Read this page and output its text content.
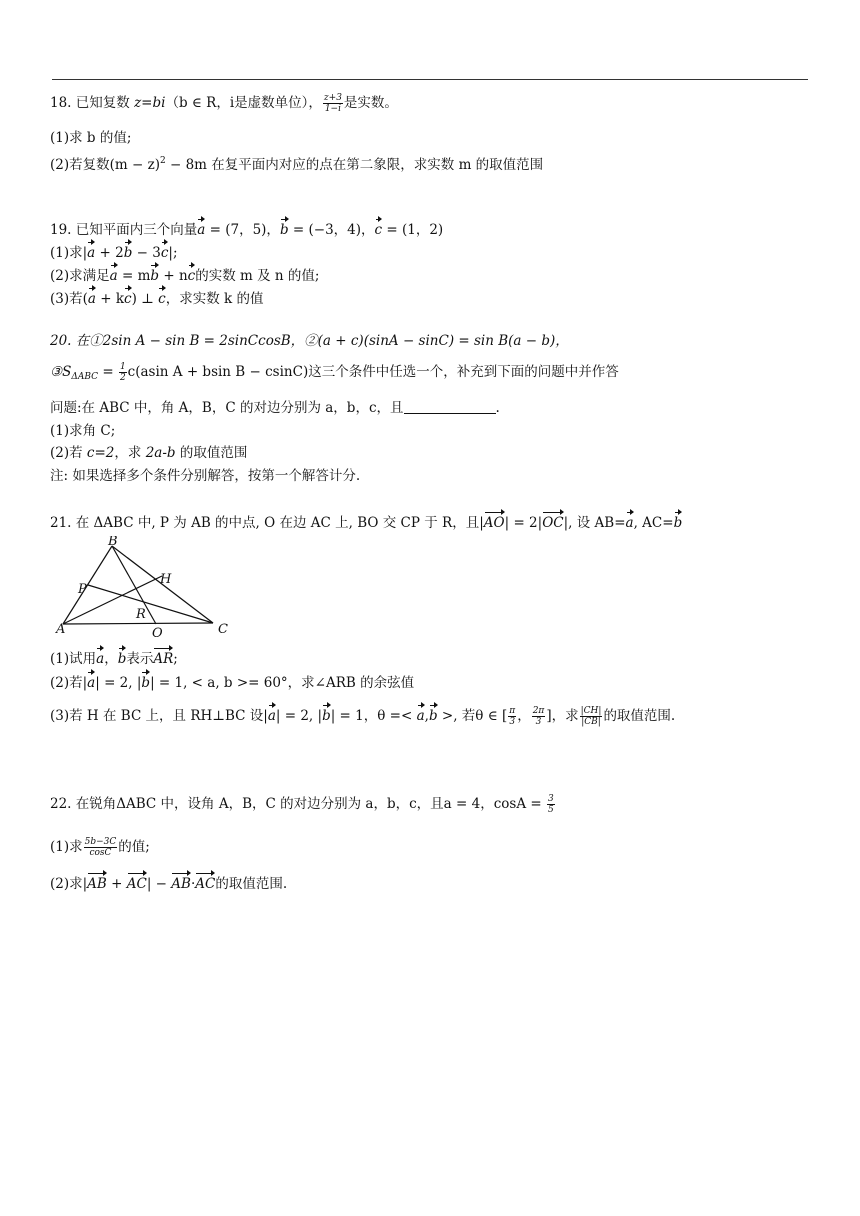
18. 已知复数 z=bi（b ∈ R，i是虚数单位）， $\frac{z+3}{1-i}$ 是实数。
(1)求 b 的值;
(2)若复数$(m - z)^2 - 8m$ 在复平面内对应的点在第二象限，求实数 m 的取值范围
19. 已知平面内三个向量a = (7，5)，b = (−3，4)，c = (1，2)
(1)求|a + 2b − 3c|;
(2)求满足a = mb + nc的实数 m 及 n 的值;
(3)若(a + kc) ⊥ c，求实数 k 的值
20. 在①2sin A − sin B = 2sinCcosB，②(a + c)(sinA − sinC) = sin B(a − b)，
$③S_{\Delta ABC} = \frac{1}{2} c(asin$ A + bsin B − csinC)这三个条件中任选一个，补充到下面的问题中并作答
问题:在 ABC 中，角 A，B，C 的对边分别为 a，b，c，且	.
(1)求角 C;
(2)若 c=2，求 2a-b 的取值范围
注: 如果选择多个条件分别解答，按第一个解答计分.
21. 在 ΔABC 中, P 为 AB 的中点, O 在边 AC 上, BO 交 CP 于 R，且|AO| = 2|OC|, 设 AB=a, AC=b
B
P
H
R
A	O	C
(1)试用a，b表示AR;
(2)若|a| = 2, |b| = 1, < a, b >= 60°，求∠ARB 的余弦值
(3)若 H 在 BC 上，且 RH⊥BC 设|a| = 2, |b| = 1，θ =< a,b >, 若θ ∈ [ $\frac{\pi}{3}$ ， $\frac{2\pi}{3}$ ]，求 $\frac{|CH|}{|CB|}$ 的取值范围.
22. 在锐角ΔABC 中，设角 A，B，C 的对边分别为 a，b，c，且a = 4，$\cos A = \frac{3}{5}$
(1)求 $\frac{5b-3C}{\cos C}$ 的值;
(2)求|AB + AC| − AB·AC的取值范围.
